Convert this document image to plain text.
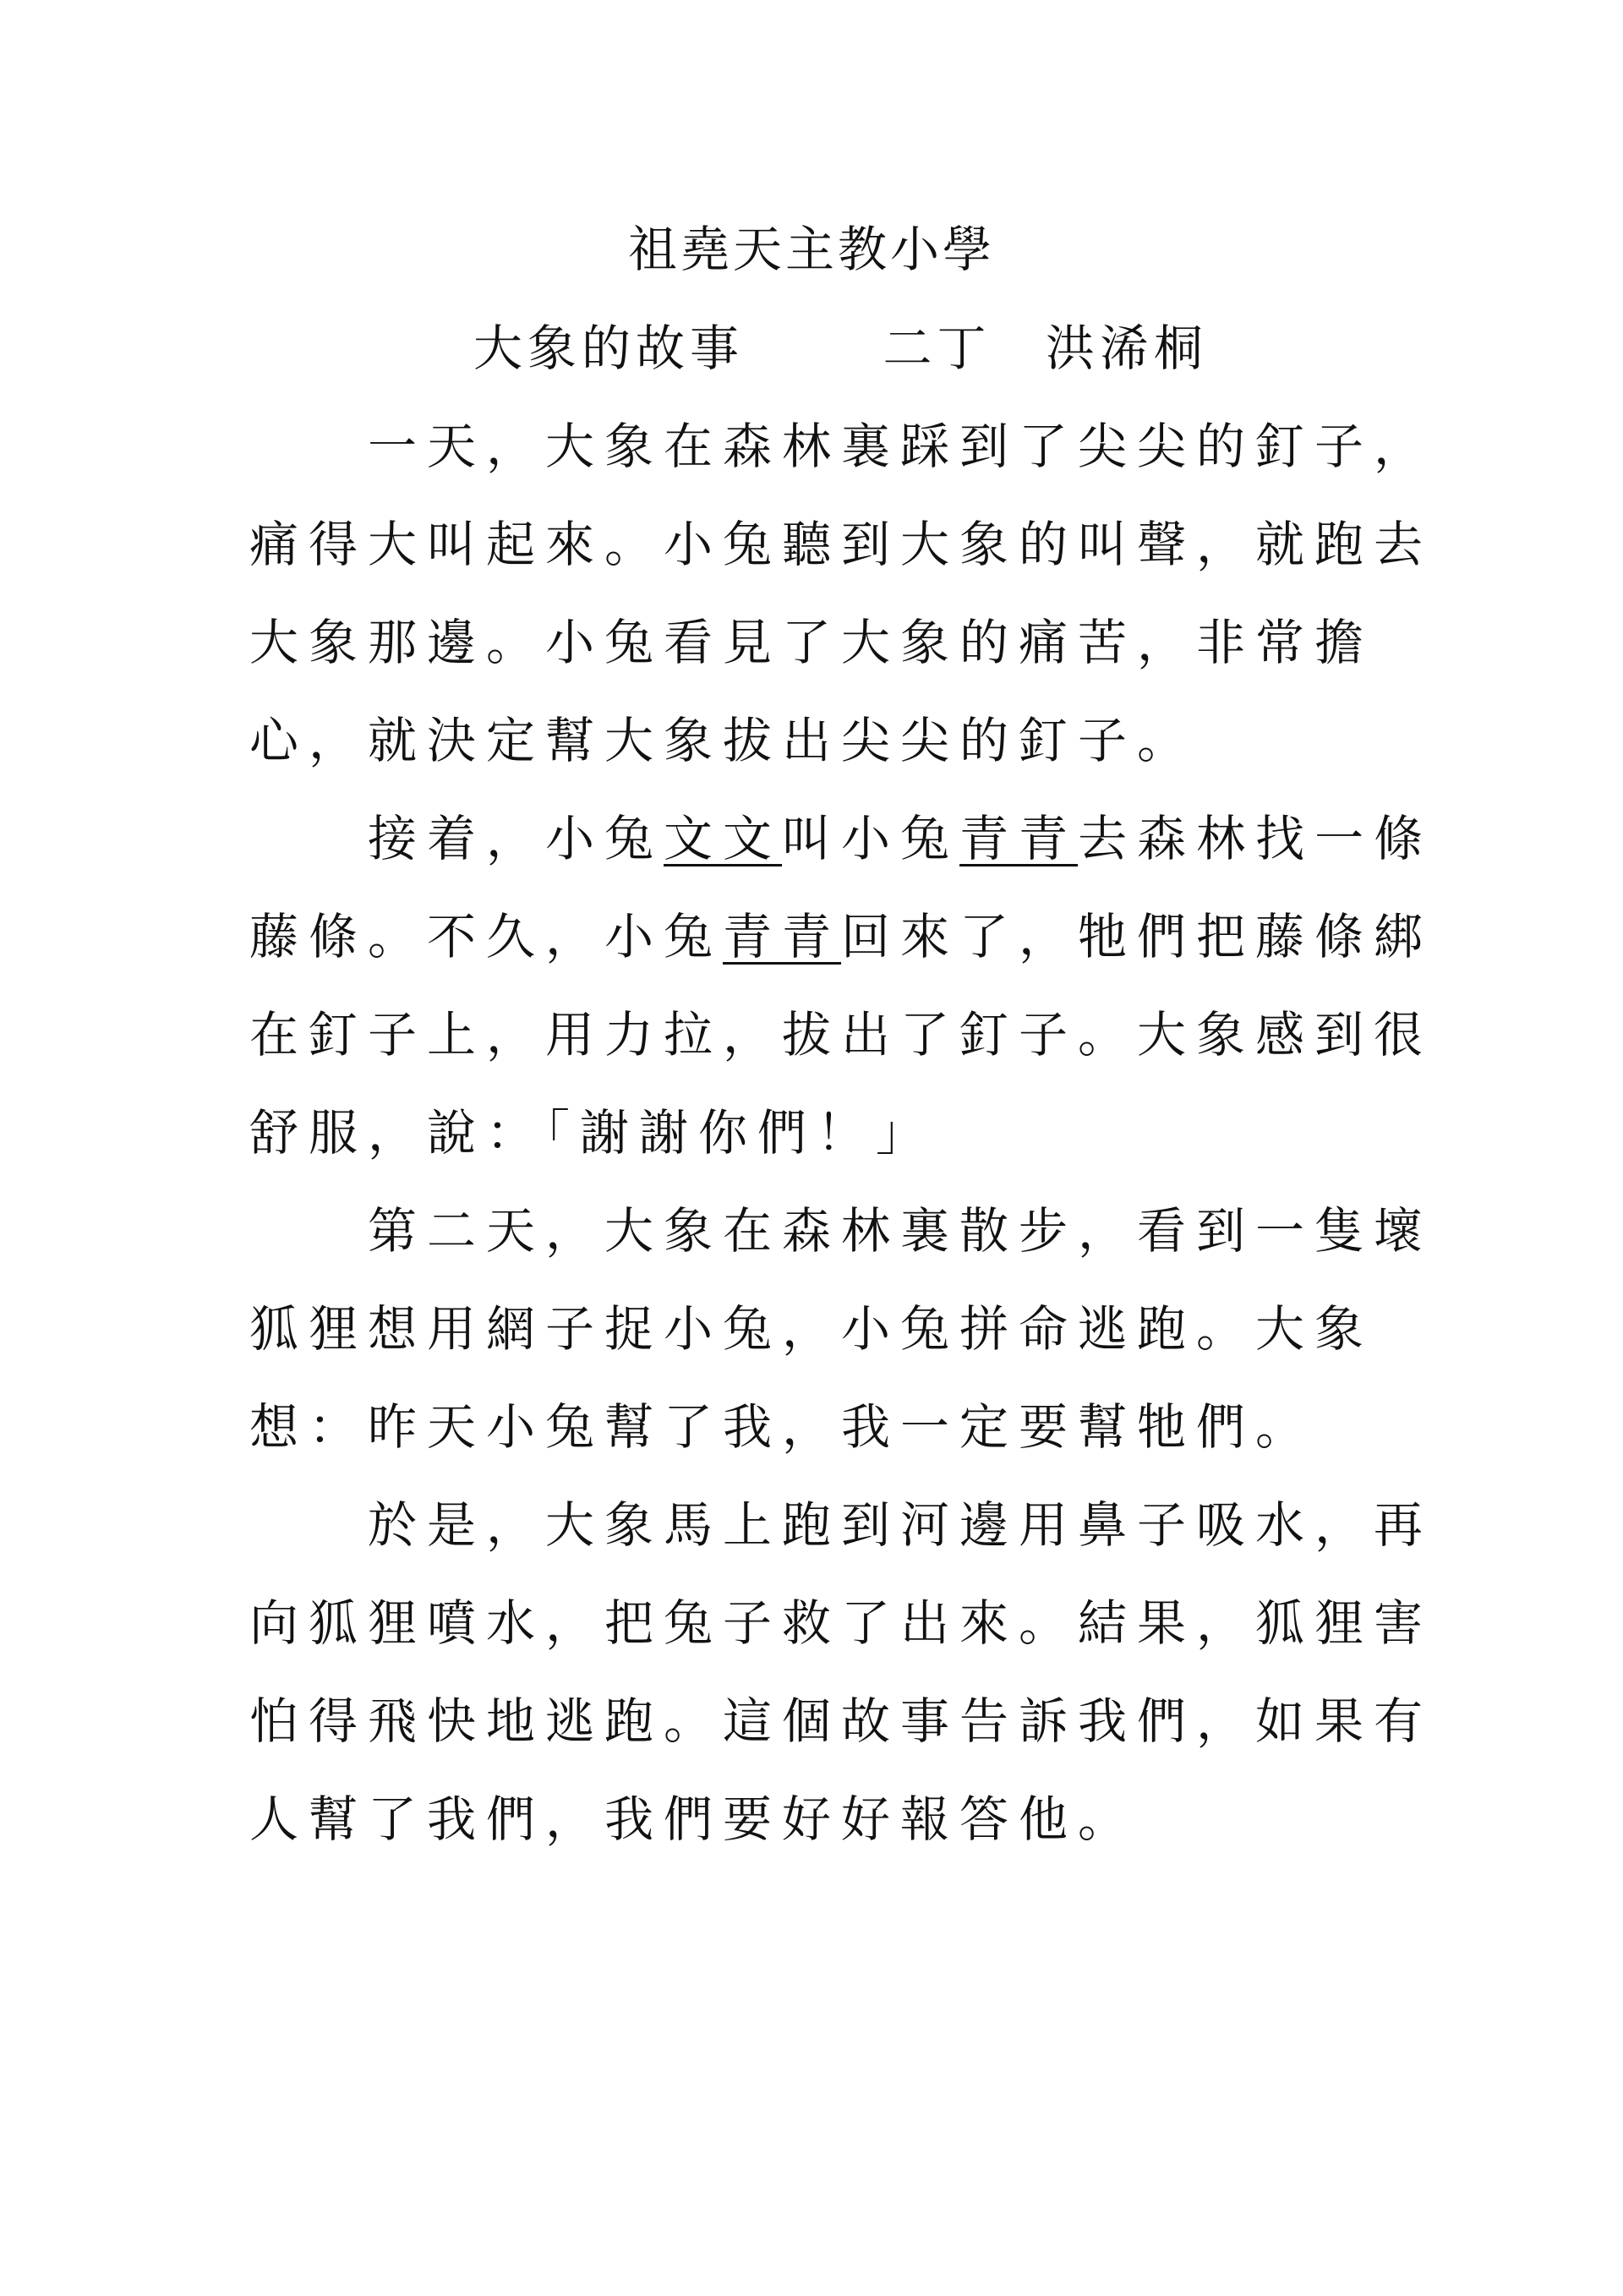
祖堯天主教小學
大象的故事	二丁 洪浠桐
一天，大象在森林裏踩到了尖尖的釘子，
痛得大叫起來。小兔聽到大象的叫聲，就跑去
大象那邊。小兔看見了大象的痛苦，非常擔
心，就決定幫大象拔出尖尖的釘子。
接着，小兔文文叫小兔青青去森林找一條
藤條。不久，小兔青青回來了，牠們把藤條綁
在釘子上，用力拉，拔出了釘子。大象感到很
舒服，說：「謝謝你們！」
第二天，大象在森林裏散步，看到一隻壞
狐狸想用網子捉小兔，小兔拼命逃跑。大象
想：昨天小兔幫了我，我一定要幫牠們。
於是，大象馬上跑到河邊用鼻子吸水，再
向狐狸噴水，把兔子救了出來。結果，狐狸害
怕得飛快地逃跑。這個故事告訴我們，如果有
人幫了我們，我們要好好報答他。
